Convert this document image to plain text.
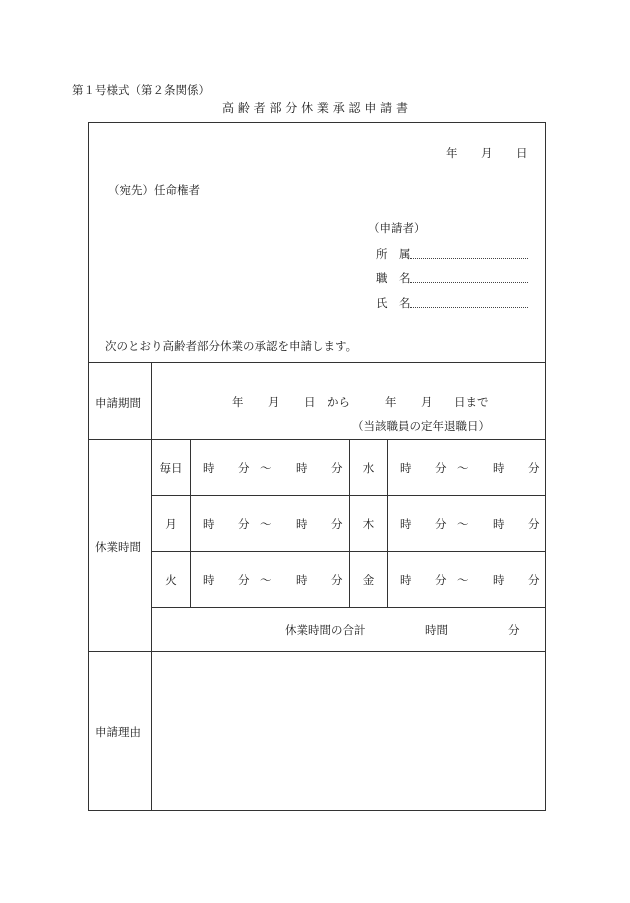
第１号様式（第２条関係）
高 齢 者 部 分 休 業 承 認 申 請 書
年 月 日
（宛先）任命権者
（申請者）
所　属
職　名
氏　名
次のとおり高齢者部分休業の承認を申請します。
申請期間	年 月 日　から	年 月 日まで
（当該職員の定年退職日）
休業時間
毎日	時 分 ～ 時 分	水	時 分 ～ 時 分
月	時 分 ～ 時 分	木	時 分 ～ 時 分
火	時 分 ～ 時 分	金	時 分 ～ 時 分
休業時間の合計	時間	分
申請理由
